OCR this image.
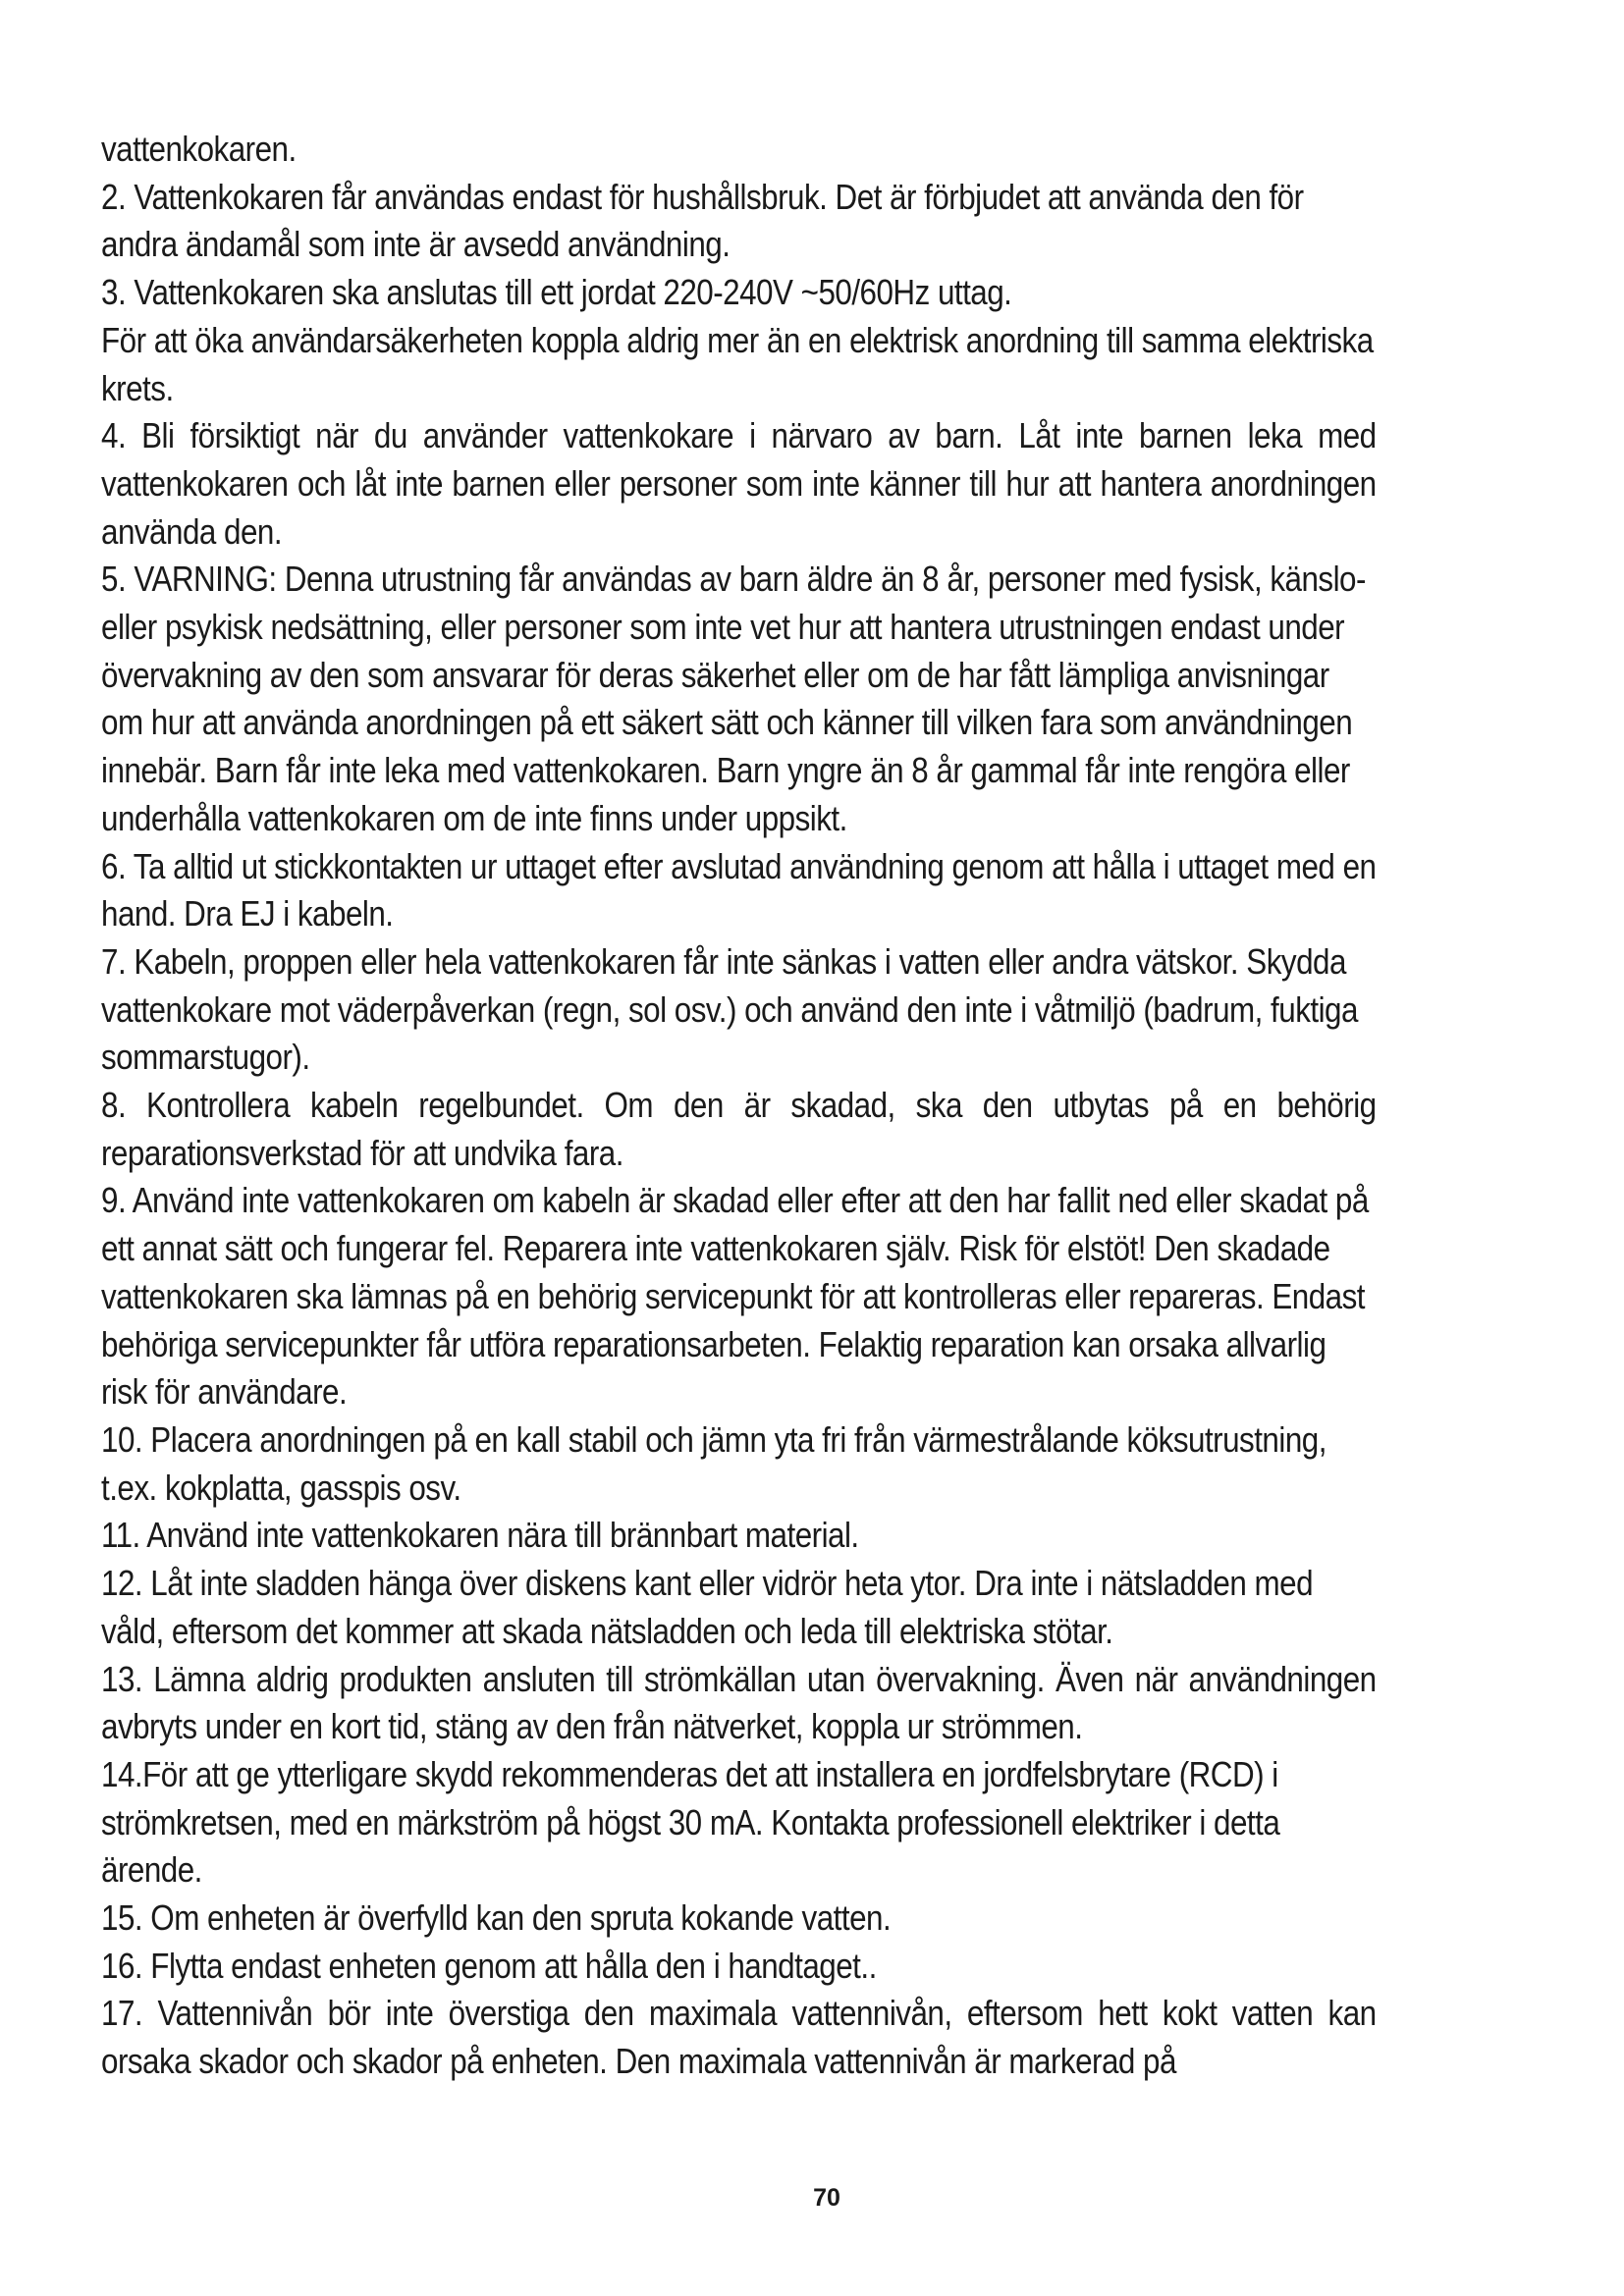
vattenkokaren.

2. Vattenkokaren får användas endast för hushållsbruk. Det är förbjudet att använda den för andra ändamål som inte är avsedd användning.

3. Vattenkokaren ska anslutas till ett jordat 220-240V ~50/60Hz uttag.

För att öka användarsäkerheten koppla aldrig mer än en elektrisk anordning till samma elektriska krets.

4. Bli försiktigt när du använder vattenkokare i närvaro av barn. Låt inte barnen leka med vattenkokaren och låt inte barnen eller personer som inte känner till hur att hantera anordningen använda den.

5. VARNING: Denna utrustning får användas av barn äldre än 8 år, personer med fysisk, känslo- eller psykisk nedsättning, eller personer som inte vet hur att hantera utrustningen endast under övervakning av den som ansvarar för deras säkerhet eller om de har fått lämpliga anvisningar om hur att använda anordningen på ett säkert sätt och känner till vilken fara som användningen innebär. Barn får inte leka med vattenkokaren. Barn yngre än 8 år gammal får inte rengöra eller underhålla vattenkokaren om de inte finns under uppsikt.

6. Ta alltid ut stickkontakten ur uttaget efter avslutad användning genom att hålla i uttaget med en hand. Dra EJ i kabeln.

7. Kabeln, proppen eller hela vattenkokaren får inte sänkas i vatten eller andra vätskor. Skydda vattenkokare mot väderpåverkan (regn, sol osv.) och använd den inte i våtmiljö (badrum, fuktiga sommarstugor).

8. Kontrollera kabeln regelbundet. Om den är skadad, ska den utbytas på en behörig reparationsverkstad för att undvika fara.

9. Använd inte vattenkokaren om kabeln är skadad eller efter att den har fallit ned eller skadat på ett annat sätt och fungerar fel. Reparera inte vattenkokaren själv. Risk för elstöt! Den skadade vattenkokaren ska lämnas på en behörig servicepunkt för att kontrolleras eller repareras. Endast behöriga servicepunkter får utföra reparationsarbeten. Felaktig reparation kan orsaka allvarlig risk för användare.

10. Placera anordningen på en kall stabil och jämn yta fri från värmestrålande köksutrustning, t.ex. kokplatta, gasspis osv.

11. Använd inte vattenkokaren nära till brännbart material.

12. Låt inte sladden hänga över diskens kant eller vidrör heta ytor. Dra inte i nätsladden med våld, eftersom det kommer att skada nätsladden och leda till elektriska stötar.

13. Lämna aldrig produkten ansluten till strömkällan utan övervakning. Även när användningen avbryts under en kort tid, stäng av den från nätverket, koppla ur strömmen.

14.För att ge ytterligare skydd rekommenderas det att installera en jordfelsbrytare (RCD) i strömkretsen, med en märkström på högst 30 mA. Kontakta professionell elektriker i detta ärende.

15. Om enheten är överfylld kan den spruta kokande vatten.

16. Flytta endast enheten genom att hålla den i handtaget..

17. Vattennivån bör inte överstiga den maximala vattennivån, eftersom hett kokt vatten kan orsaka skador och skador på enheten. Den maximala vattennivån är markerad på

70
